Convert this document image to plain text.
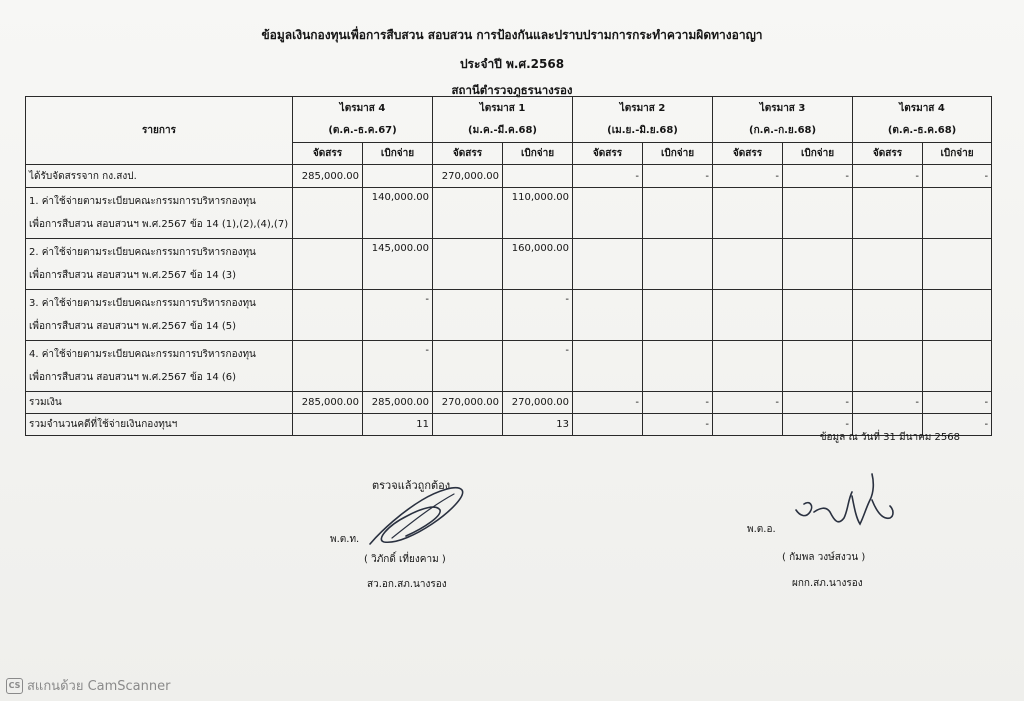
ข้อมูลเงินกองทุนเพื่อการสืบสวน สอบสวน การป้องกันและปราบปรามการกระทำความผิดทางอาญา
ประจำปี พ.ศ.2568
สถานีตำรวจภูธรนางรอง
รายการ	ไตรมาส 4
(ต.ค.-ธ.ค.67)		ไตรมาส 1
(ม.ค.-มี.ค.68)		ไตรมาส 2
(เม.ย.-มิ.ย.68)		ไตรมาส 3
(ก.ค.-ก.ย.68)		ไตรมาส 4
(ต.ค.-ธ.ค.68)	

	จัดสรร	เบิกจ่าย	จัดสรร	เบิกจ่าย	จัดสรร	เบิกจ่าย	จัดสรร	เบิกจ่าย	จัดสรร	เบิกจ่าย
ได้รับจัดสรรจาก กง.สงป.	285,000.00		270,000.00		-	-	-	-	-	-
1. ค่าใช้จ่ายตามระเบียบคณะกรรมการบริหารกองทุน
เพื่อการสืบสวน สอบสวนฯ พ.ศ.2567 ข้อ 14 (1),(2),(4),(7)		140,000.00		110,000.00						
2. ค่าใช้จ่ายตามระเบียบคณะกรรมการบริหารกองทุน
เพื่อการสืบสวน สอบสวนฯ พ.ศ.2567 ข้อ 14 (3)		145,000.00		160,000.00						
3. ค่าใช้จ่ายตามระเบียบคณะกรรมการบริหารกองทุน
เพื่อการสืบสวน สอบสวนฯ พ.ศ.2567 ข้อ 14 (5)		-		-						
4. ค่าใช้จ่ายตามระเบียบคณะกรรมการบริหารกองทุน
เพื่อการสืบสวน สอบสวนฯ พ.ศ.2567 ข้อ 14 (6)		-		-						
รวมเงิน	285,000.00	285,000.00	270,000.00	270,000.00	-	-	-	-	-	-
รวมจำนวนคดีที่ใช้จ่ายเงินกองทุนฯ		11		13		-		-		-
ข้อมูล ณ วันที่ 31 มีนาคม 2568
ตรวจแล้วถูกต้อง
พ.ต.ท.
( วิภักดิ์ เที่ยงคาม )
สว.อก.สภ.นางรอง
พ.ต.อ.
( กัมพล วงษ์สงวน )
ผกก.สภ.นางรอง
CS สแกนด้วย CamScanner
